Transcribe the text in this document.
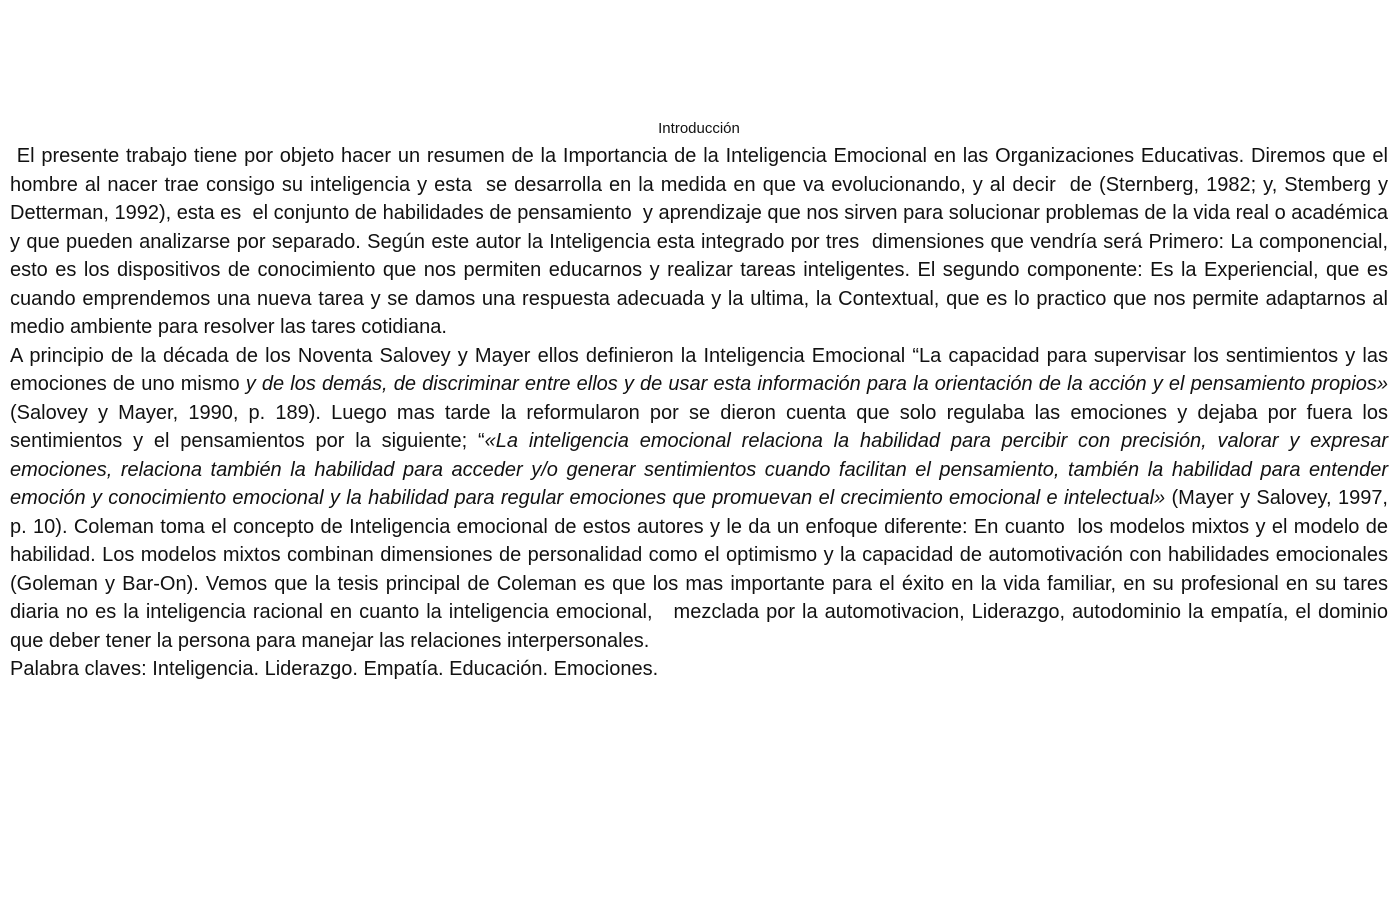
Introducción

El presente trabajo tiene por objeto hacer un resumen de la Importancia de la Inteligencia Emocional en las Organizaciones Educativas. Diremos que el hombre al nacer trae consigo su inteligencia y esta  se desarrolla en la medida en que va evolucionando, y al decir  de (Sternberg, 1982; y, Stemberg y Detterman, 1992), esta es  el conjunto de habilidades de pensamiento  y aprendizaje que nos sirven para solucionar problemas de la vida real o académica y que pueden analizarse por separado. Según este autor la Inteligencia esta integrado por tres  dimensiones que vendría será Primero: La componencial, esto es los dispositivos de conocimiento que nos permiten educarnos y realizar tareas inteligentes. El segundo componente: Es la Experiencial, que es cuando emprendemos una nueva tarea y se damos una respuesta adecuada y la ultima, la Contextual, que es lo practico que nos permite adaptarnos al medio ambiente para resolver las tares cotidiana.

A principio de la década de los Noventa Salovey y Mayer ellos definieron la Inteligencia Emocional “La capacidad para supervisar los sentimientos y las emociones de uno mismo y de los demás, de discriminar entre ellos y de usar esta información para la orientación de la acción y el pensamiento propios» (Salovey y Mayer, 1990, p. 189). Luego mas tarde la reformularon por se dieron cuenta que solo regulaba las emociones y dejaba por fuera los sentimientos y el pensamientos por la siguiente; “«La inteligencia emocional relaciona la habilidad para percibir con precisión, valorar y expresar emociones, relaciona también la habilidad para acceder y/o generar sentimientos cuando facilitan el pensamiento, también la habilidad para entender emoción y conocimiento emocional y la habilidad para regular emociones que promuevan el crecimiento emocional e intelectual» (Mayer y Salovey, 1997, p. 10). Coleman toma el concepto de Inteligencia emocional de estos autores y le da un enfoque diferente: En cuanto  los modelos mixtos y el modelo de habilidad. Los modelos mixtos combinan dimensiones de personalidad como el optimismo y la capacidad de automotivación con habilidades emocionales (Goleman y Bar-On). Vemos que la tesis principal de Coleman es que los mas importante para el éxito en la vida familiar, en su profesional en su tares diaria no es la inteligencia racional en cuanto la inteligencia emocional,   mezclada por la automotivacion, Liderazgo, autodominio la empatía, el dominio que deber tener la persona para manejar las relaciones interpersonales.

Palabra claves: Inteligencia. Liderazgo. Empatía. Educación. Emociones.
